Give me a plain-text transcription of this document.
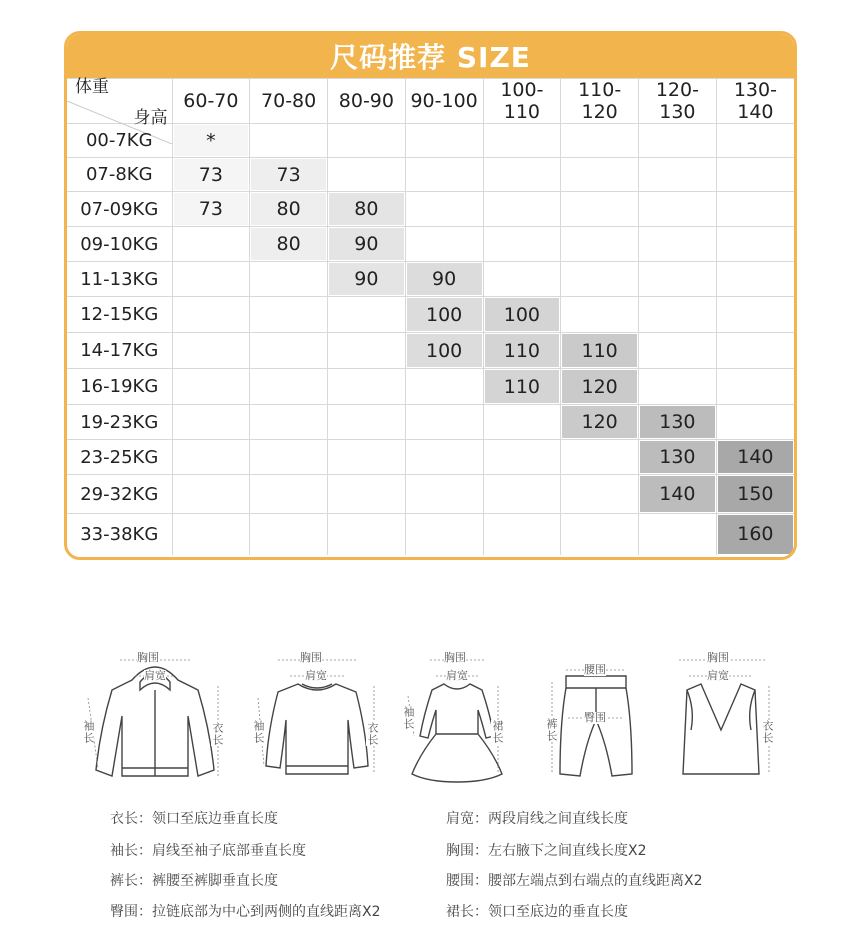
尺码推荐 SIZE
身高
体重	60-70	70-80	80-90	90-100	100-110	110-120	120-130	130-140
00-7KG	*							

07-8KG	73	73						

07-09KG	73	80	80					

09-10KG		80	90					

11-13KG			90	90				

12-15KG				100	100			

14-17KG				100	110	110		

16-19KG					110	120		

19-23KG						120	130	

23-25KG							130	140

29-32KG							140	150

33-38KG								160
胸围
肩宽
袖长	衣长
胸围
肩宽
袖长	衣长
胸围
肩宽
袖长
裙长
腰围
臀围
裤长
胸围
肩宽
衣长
衣长：领口至底边垂直长度
袖长：肩线至袖子底部垂直长度
裤长：裤腰至裤脚垂直长度
臀围：拉链底部为中心到两侧的直线距离X2
肩宽：两段肩线之间直线长度
胸围：左右腋下之间直线长度X2
腰围：腰部左端点到右端点的直线距离X2
裙长：领口至底边的垂直长度
